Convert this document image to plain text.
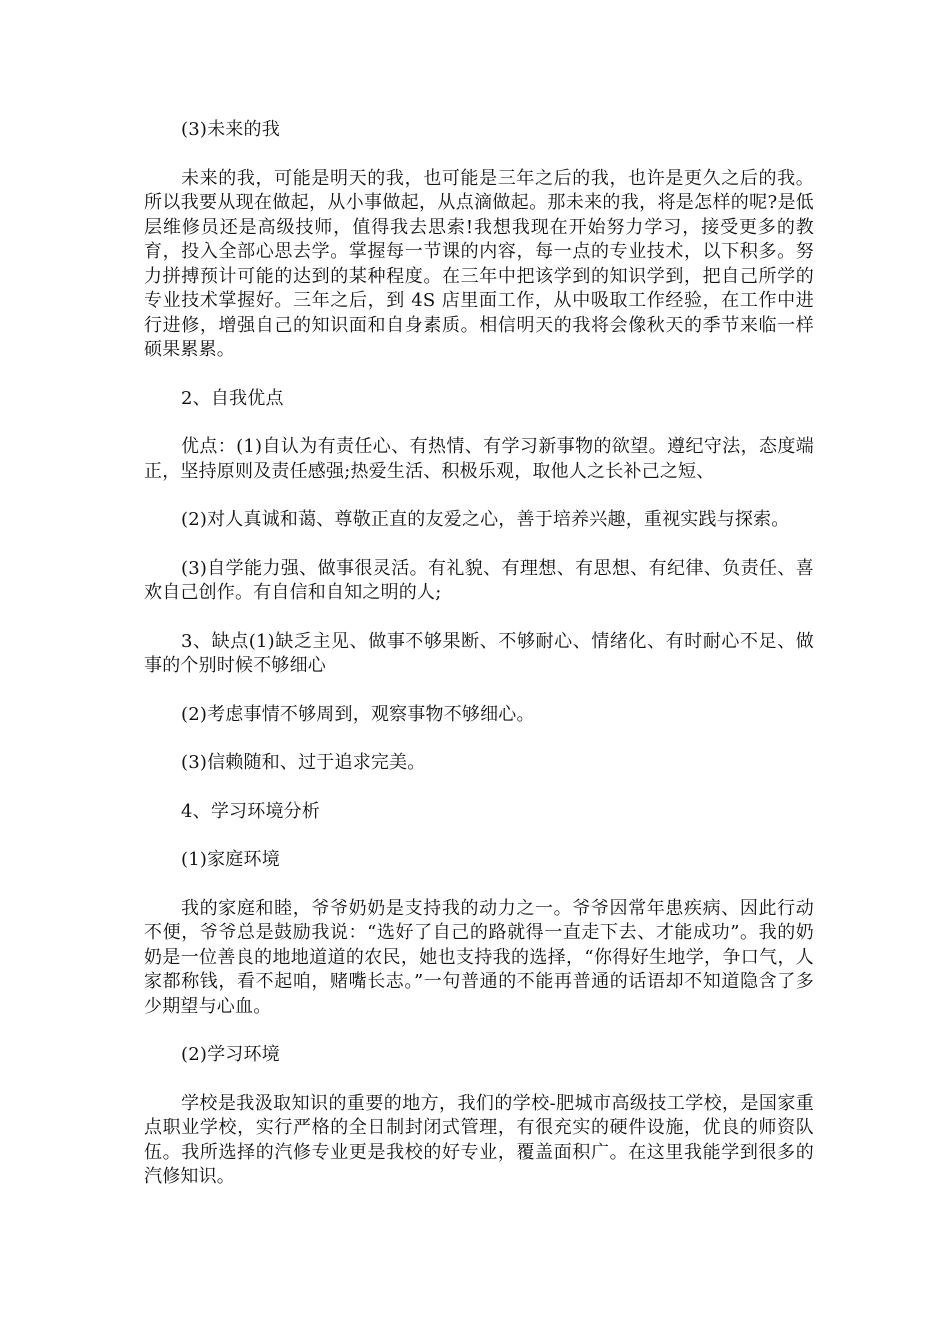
(3)未来的我

未来的我，可能是明天的我，也可能是三年之后的我，也许是更久之后的我。所以我要从现在做起，从小事做起，从点滴做起。那未来的我，将是怎样的呢?是低层维修员还是高级技师，值得我去思索!我想我现在开始努力学习，接受更多的教育，投入全部心思去学。掌握每一节课的内容，每一点的专业技术，以下积多。努力拼搏预计可能的达到的某种程度。在三年中把该学到的知识学到，把自己所学的专业技术掌握好。三年之后，到 4S 店里面工作，从中吸取工作经验，在工作中进行进修，增强自己的知识面和自身素质。相信明天的我将会像秋天的季节来临一样硕果累累。

2、自我优点

优点：(1)自认为有责任心、有热情、有学习新事物的欲望。遵纪守法，态度端正，坚持原则及责任感强;热爱生活、积极乐观，取他人之长补己之短、

(2)对人真诚和蔼、尊敬正直的友爱之心，善于培养兴趣，重视实践与探索。

(3)自学能力强、做事很灵活。有礼貌、有理想、有思想、有纪律、负责任、喜欢自己创作。有自信和自知之明的人;

3、缺点(1)缺乏主见、做事不够果断、不够耐心、情绪化、有时耐心不足、做事的个别时候不够细心

(2)考虑事情不够周到，观察事物不够细心。

(3)信赖随和、过于追求完美。

4、学习环境分析

(1)家庭环境

我的家庭和睦，爷爷奶奶是支持我的动力之一。爷爷因常年患疾病、因此行动不便，爷爷总是鼓励我说：“选好了自己的路就得一直走下去、才能成功”。我的奶奶是一位善良的地地道道的农民，她也支持我的选择，“你得好生地学，争口气，人家都称钱，看不起咱，赌嘴长志。”一句普通的不能再普通的话语却不知道隐含了多少期望与心血。

(2)学习环境

学校是我汲取知识的重要的地方，我们的学校-肥城市高级技工学校，是国家重点职业学校，实行严格的全日制封闭式管理，有很充实的硬件设施，优良的师资队伍。我所选择的汽修专业更是我校的好专业，覆盖面积广。在这里我能学到很多的汽修知识。
